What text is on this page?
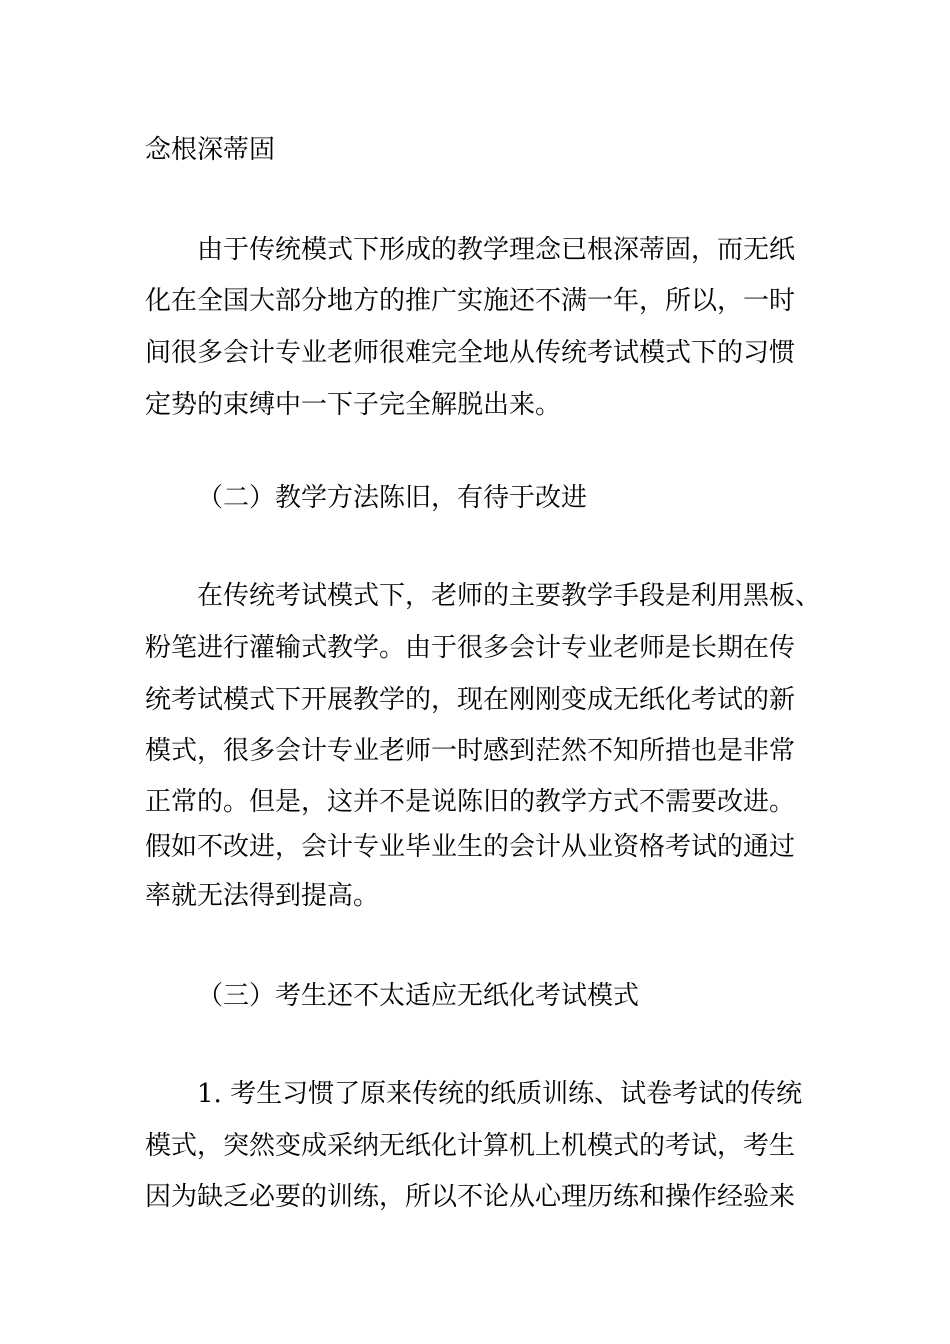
念根深蒂固
由于传统模式下形成的教学理念已根深蒂固，而无纸
化在全国大部分地方的推广实施还不满一年，所以，一时
间很多会计专业老师很难完全地从传统考试模式下的习惯
定势的束缚中一下子完全解脱出来。
（二）教学方法陈旧，有待于改进
在传统考试模式下，老师的主要教学手段是利用黑板、
粉笔进行灌输式教学。由于很多会计专业老师是长期在传
统考试模式下开展教学的，现在刚刚变成无纸化考试的新
模式，很多会计专业老师一时感到茫然不知所措也是非常
正常的。但是，这并不是说陈旧的教学方式不需要改进。
假如不改进，会计专业毕业生的会计从业资格考试的通过
率就无法得到提高。
（三）考生还不太适应无纸化考试模式
1. 考生习惯了原来传统的纸质训练、试卷考试的传统
模式，突然变成采纳无纸化计算机上机模式的考试，考生
因为缺乏必要的训练，所以不论从心理历练和操作经验来
